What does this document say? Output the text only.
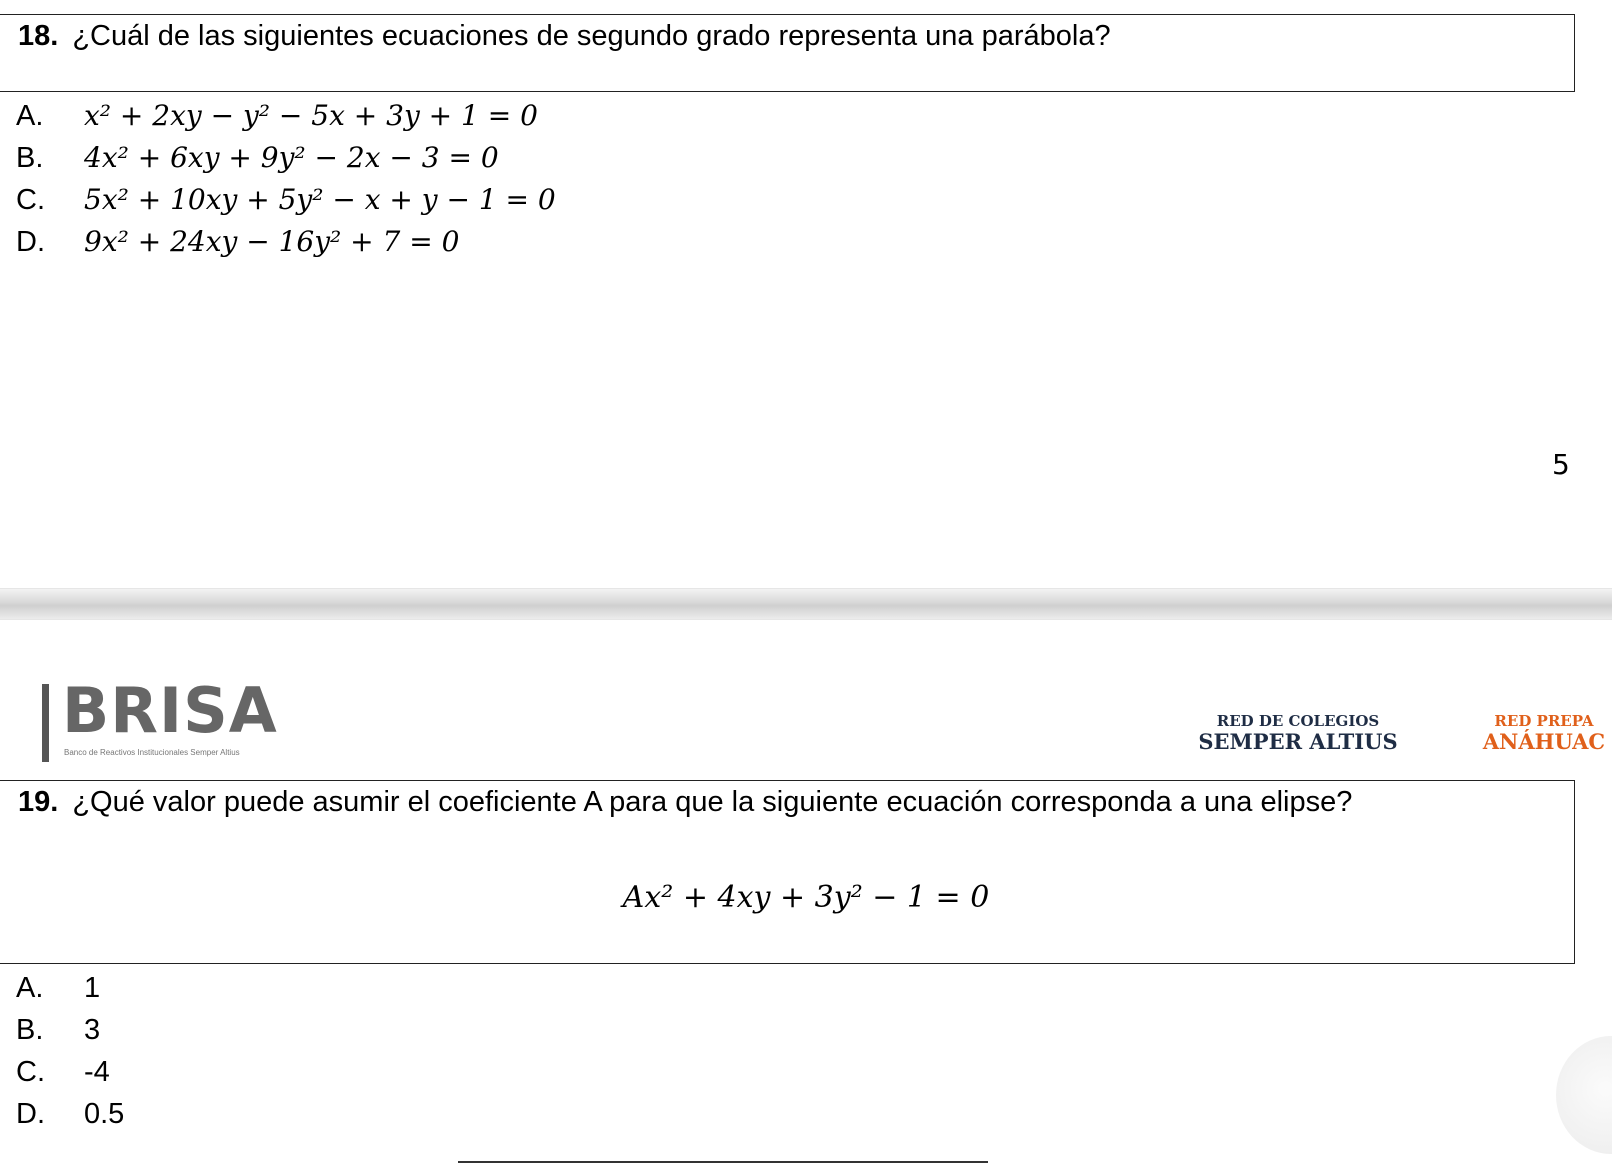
18. ¿Cuál de las siguientes ecuaciones de segundo grado representa una parábola?
A. x² + 2xy − y² − 5x + 3y + 1 = 0
B. 4x² + 6xy + 9y² − 2x − 3 = 0
C. 5x² + 10xy + 5y² − x + y − 1 = 0
D. 9x² + 24xy − 16y² + 7 = 0
5
BRISA
Banco de Reactivos Institucionales Semper Altius
RED DE COLEGIOS
SEMPER ALTIUS
RED PREPA
ANÁHUAC
19. ¿Qué valor puede asumir el coeficiente A para que la siguiente ecuación corresponda a una elipse?
Ax² + 4xy + 3y² − 1 = 0
A. 1
B. 3
C. -4
D. 0.5
